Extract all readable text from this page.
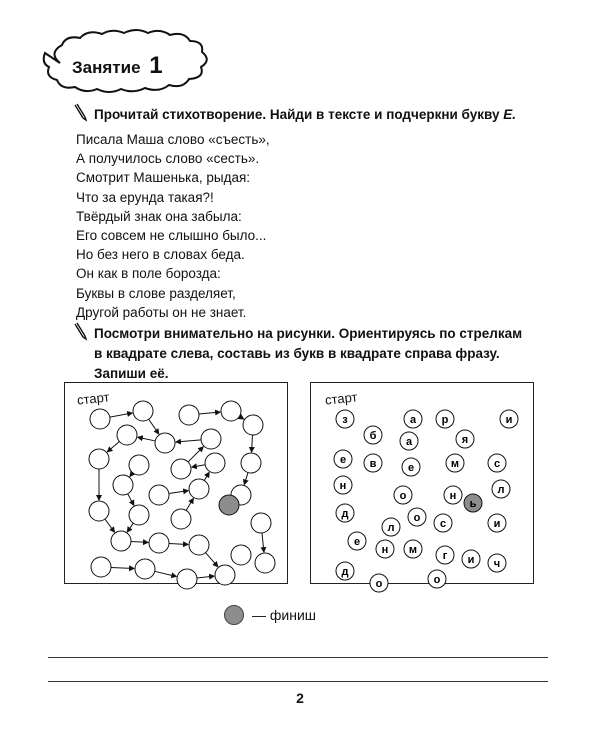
Занятие 1
Прочитай стихотворение. Найди в тексте и подчеркни букву Е.
Писала Маша слово «съесть»,
А получилось слово «сесть».
Смотрит Машенька, рыдая:
Что за ерунда такая?!
Твёрдый знак она забыла:
Его совсем не слышно было...
Но без него в словах беда.
Он как в поле борозда:
Буквы в слове разделяет,
Другой работы он не знает.
Посмотри внимательно на рисунки. Ориентируясь по стрелкам
в квадрате слева, составь из букв в квадрате справа фразу.
Запиши её.
старт
з	а р	и
б	а	я
е в	е	м	с
н
о	н
ь
л
д
л
о с	и
е
н м г и
д
о	о
ч
старт
— финиш
2
